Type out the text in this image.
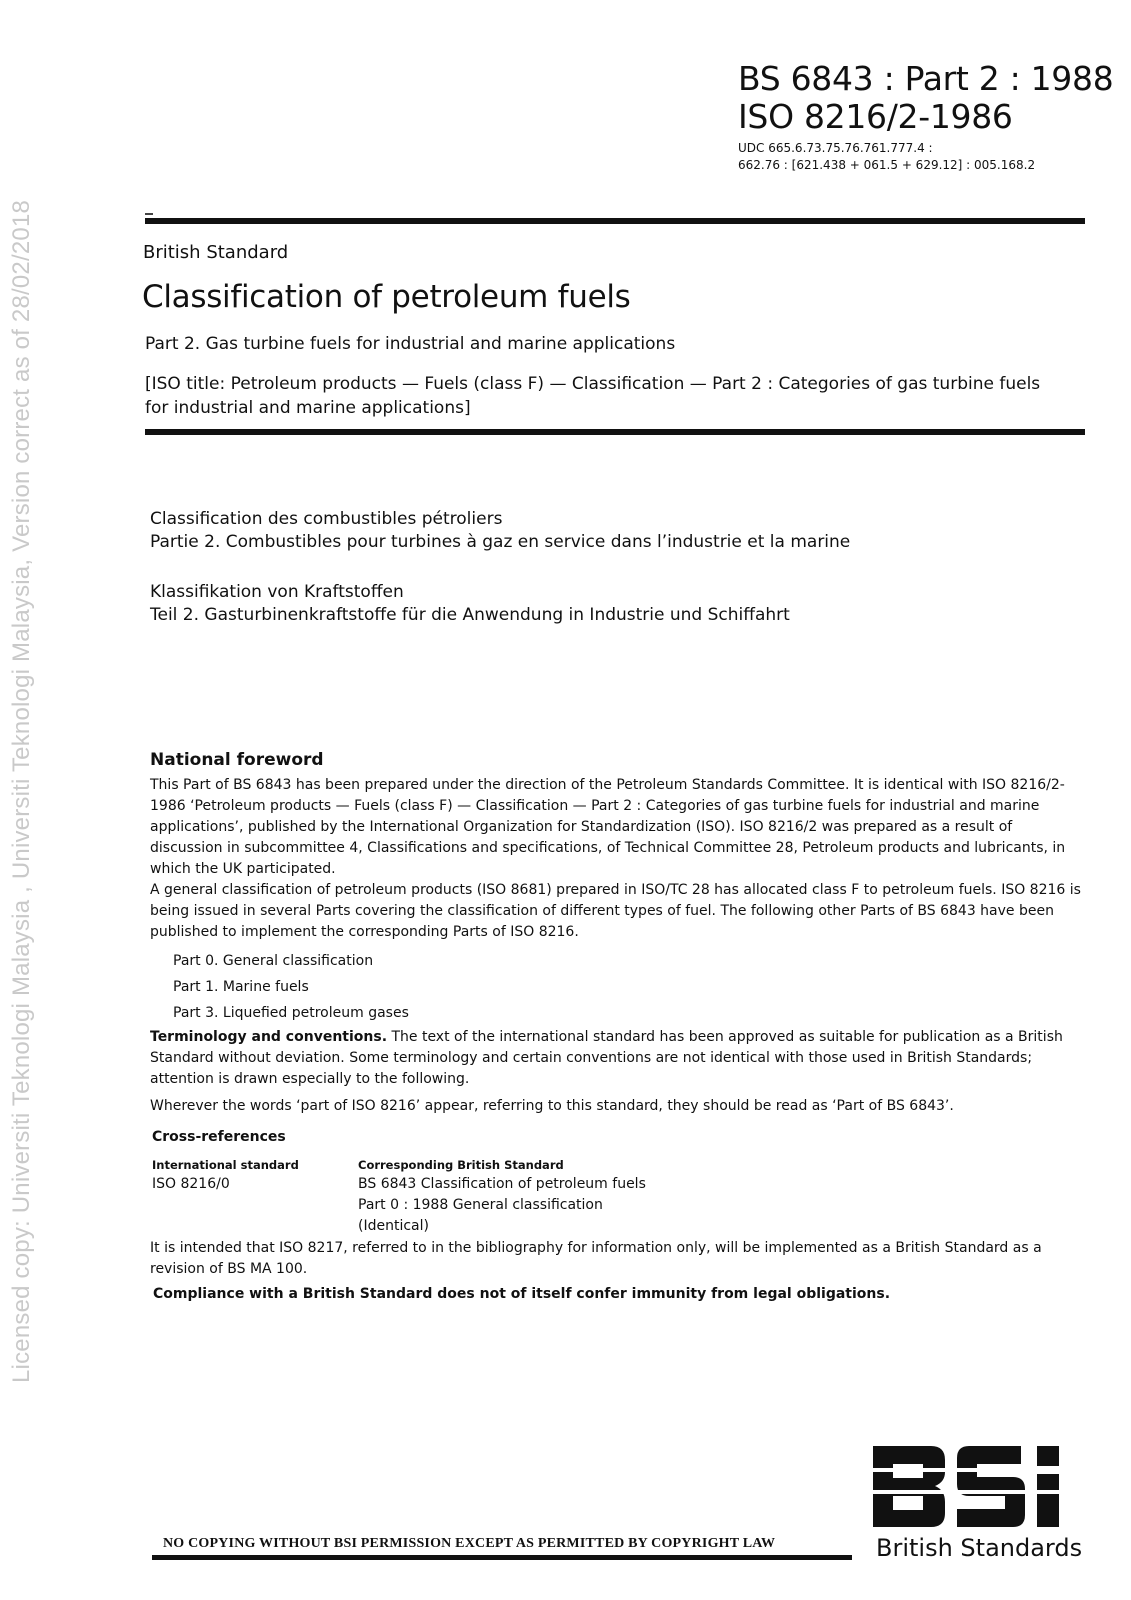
BS 6843 : Part 2 : 1988
ISO 8216/2-1986
UDC 665.6.73.75.76.761.777.4 :
662.76 : [621.438 + 061.5 + 629.12] : 005.168.2
British Standard
Classification of petroleum fuels
Part 2. Gas turbine fuels for industrial and marine applications
[ISO title: Petroleum products — Fuels (class F) — Classification — Part 2 : Categories of gas turbine fuels for industrial and marine applications]
Classification des combustibles pétroliers
Partie 2. Combustibles pour turbines à gaz en service dans l’industrie et la marine
Klassifikation von Kraftstoffen
Teil 2. Gasturbinenkraftstoffe für die Anwendung in Industrie und Schiffahrt
National foreword
This Part of BS 6843 has been prepared under the direction of the Petroleum Standards Committee. It is identical with ISO 8216/2-1986 ‘Petroleum products — Fuels (class F) — Classification — Part 2 : Categories of gas turbine fuels for industrial and marine applications’, published by the International Organization for Standardization (ISO). ISO 8216/2 was prepared as a result of discussion in subcommittee 4, Classifications and specifications, of Technical Committee 28, Petroleum products and lubricants, in which the UK participated.
A general classification of petroleum products (ISO 8681) prepared in ISO/TC 28 has allocated class F to petroleum fuels. ISO 8216 is being issued in several Parts covering the classification of different types of fuel. The following other Parts of BS 6843 have been published to implement the corresponding Parts of ISO 8216.
Part 0. General classification
Part 1. Marine fuels
Part 3. Liquefied petroleum gases
Terminology and conventions. The text of the international standard has been approved as suitable for publication as a British Standard without deviation. Some terminology and certain conventions are not identical with those used in British Standards; attention is drawn especially to the following.
Wherever the words ‘part of ISO 8216’ appear, referring to this standard, they should be read as ‘Part of BS 6843’.
Cross-references
International standard	Corresponding British Standard
ISO 8216/0	BS 6843 Classification of petroleum fuels
Part 0 : 1988 General classification
(Identical)
It is intended that ISO 8217, referred to in the bibliography for information only, will be implemented as a British Standard as a revision of BS MA 100.
Compliance with a British Standard does not of itself confer immunity from legal obligations.
Licensed copy: Universiti Teknologi Malaysia , Universiti Teknologi Malaysia, Version correct as of 28/02/2018
NO COPYING WITHOUT BSI PERMISSION EXCEPT AS PERMITTED BY COPYRIGHT LAW	British Standards
